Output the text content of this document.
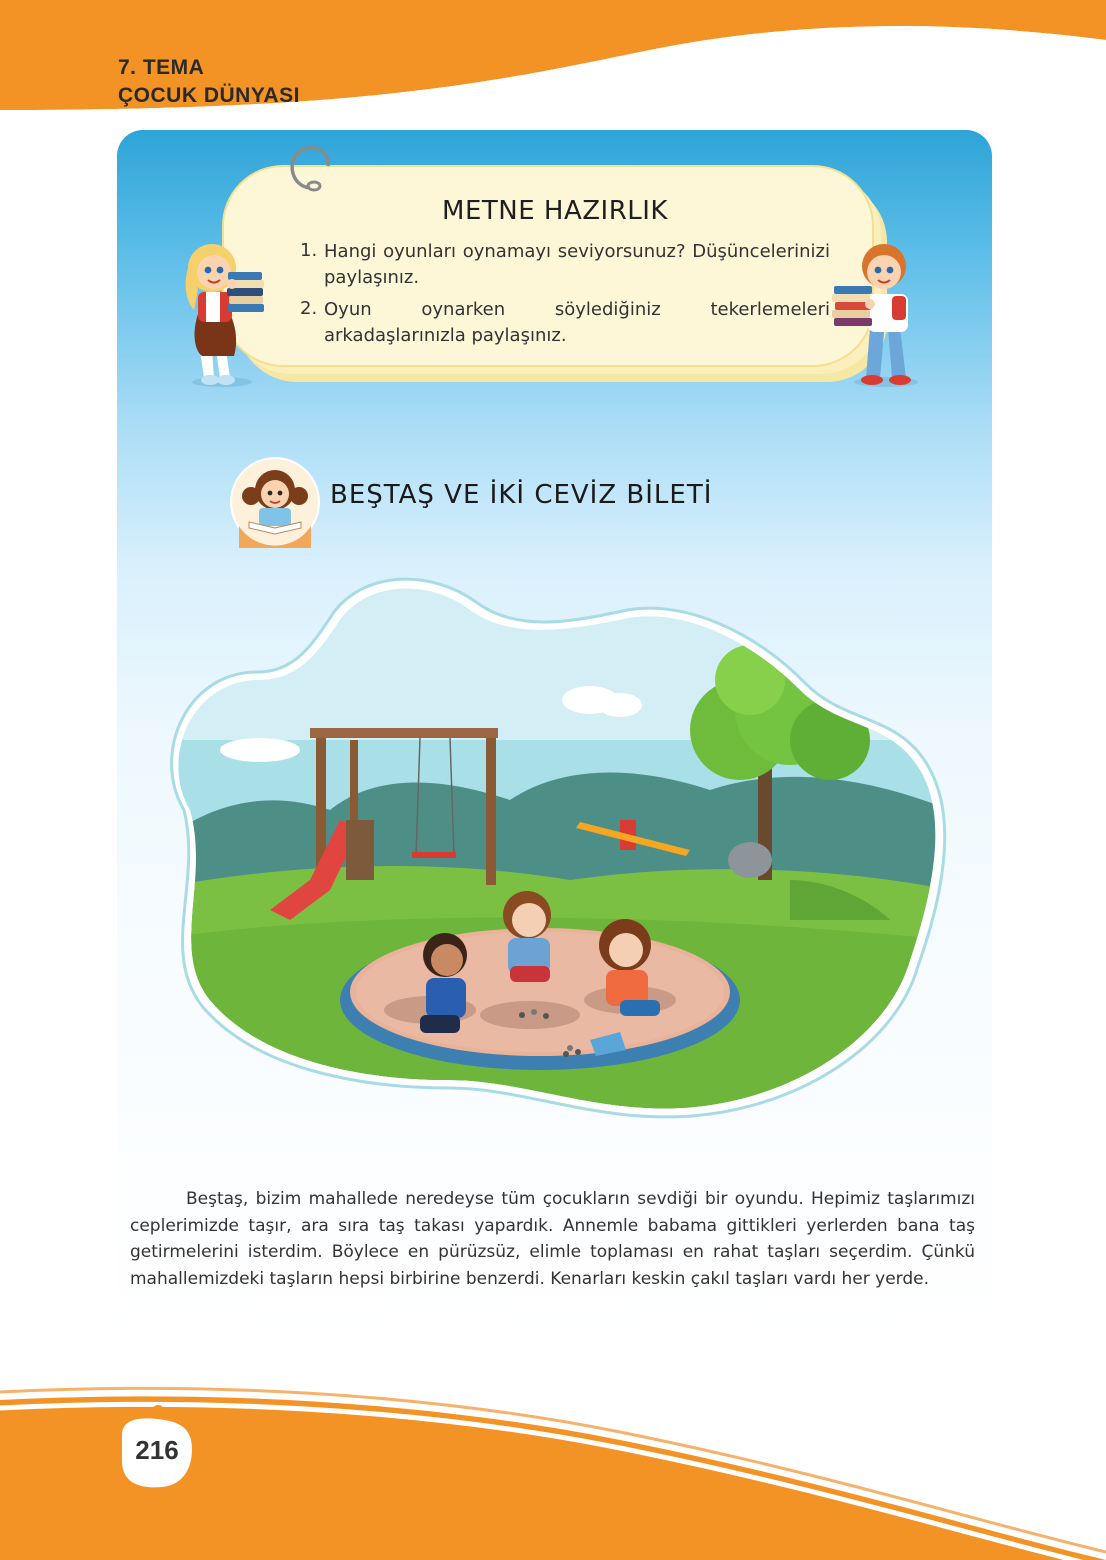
7. TEMA
ÇOCUK DÜNYASI
METNE HAZIRLIK
1. Hangi oyunları oynamayı seviyorsunuz? Düşüncelerinizi paylaşınız.
2. Oyun oynarken söylediğiniz tekerlemeleri arkadaşlarınızla paylaşınız.
BEŞTAŞ VE İKİ CEVİZ BİLETİ
Beştaş, bizim mahallede neredeyse tüm çocukların sevdiği bir oyundu. Hepimiz taşlarımızı ceplerimizde taşır, ara sıra taş takası yapardık. Annemle babama gittikleri yerlerden bana taş getirmelerini isterdim. Böylece en pürüzsüz, elimle toplaması en rahat taşları seçerdim. Çünkü mahallemizdeki taşların hepsi birbirine benzerdi. Kenarları keskin çakıl taşları vardı her yerde.
216
